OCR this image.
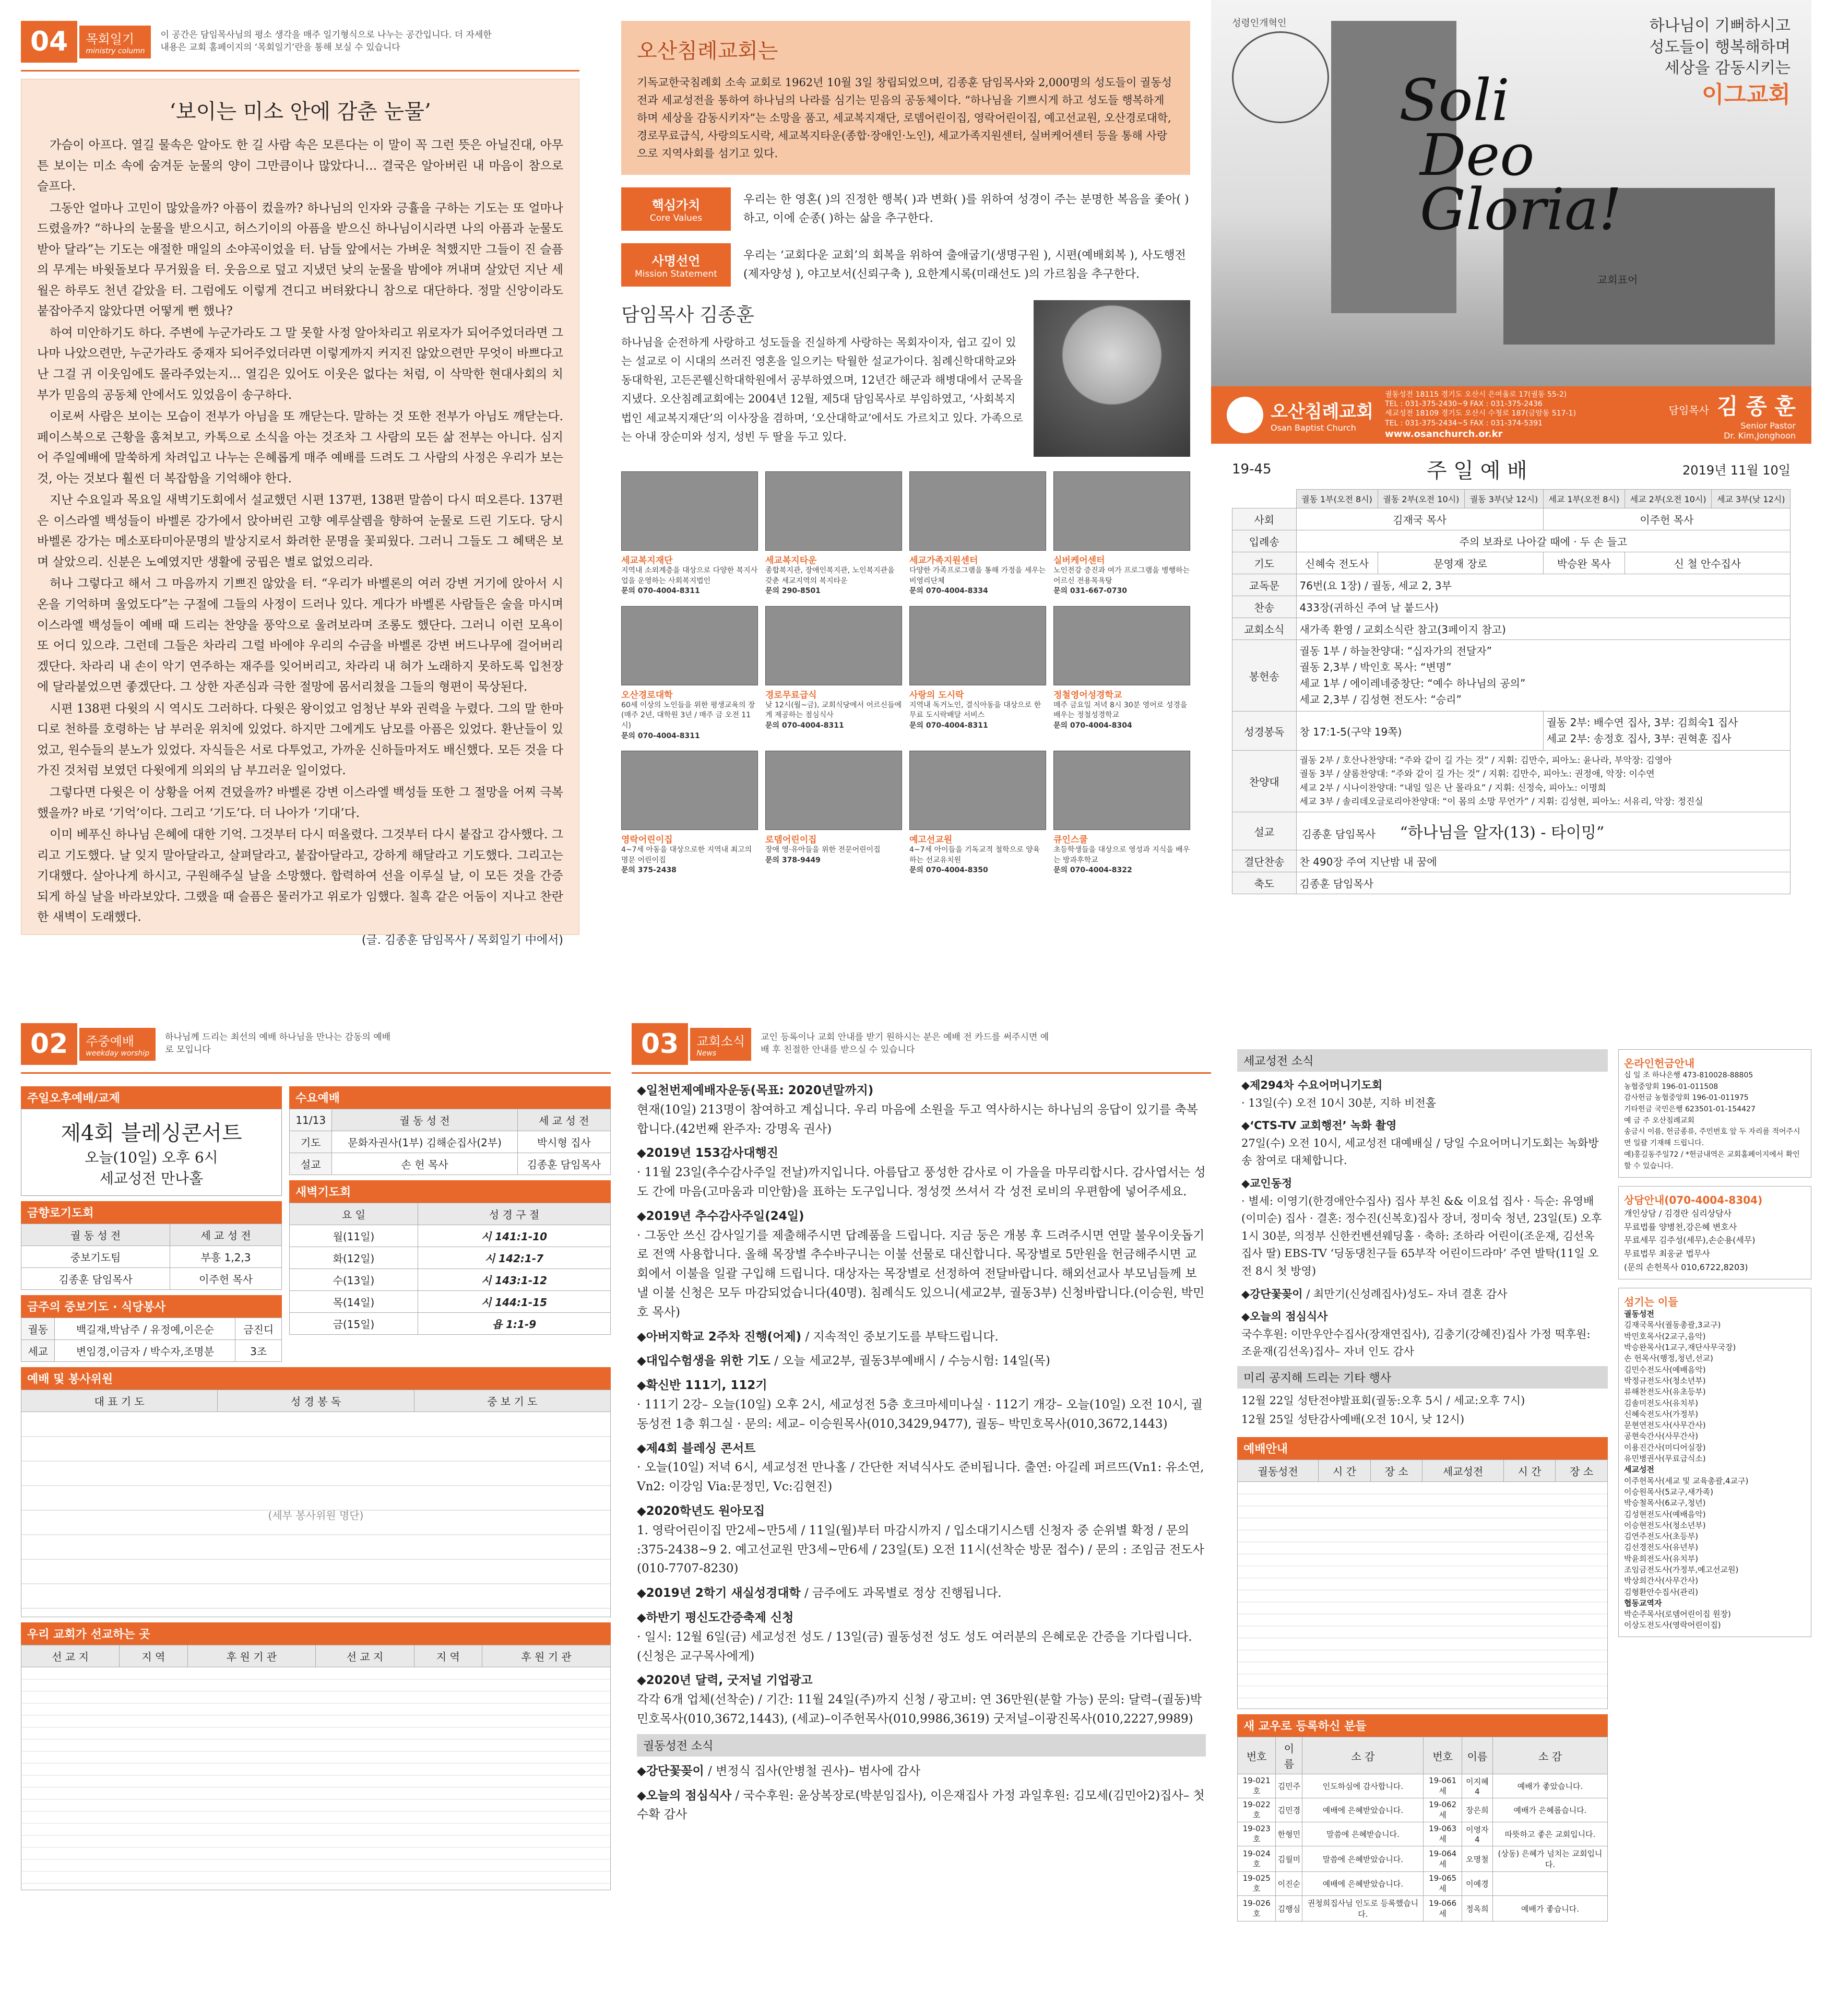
04	목회일기
ministry column
이 공간은 담임목사님의 평소 생각을 매주 일기형식으로 나누는 공간입니다. 더 자세한 내용은 교회 홈페이지의 ‘목회일기’란을 통해 보실 수 있습니다
‘보이는 미소 안에 감춘 눈물’

가슴이 아프다. 열길 물속은 알아도 한 길 사람 속은 모른다는 이 말이 꼭 그런 뜻은 아닐진대, 아무튼 보이는 미소 속에 숨겨둔 눈물의 양이 그만큼이나 많았다니… 결국은 알아버린 내 마음이 참으로 슬프다.

그동안 얼마나 고민이 많았을까? 아픔이 컸을까? 하나님의 인자와 긍휼을 구하는 기도는 또 얼마나 드렸을까? “하나의 눈물을 받으시고, 허스기이의 아픔을 받으신 하나님이시라면 나의 아픔과 눈물도 받아 달라”는 기도는 애절한 매일의 소야곡이었을 터. 남들 앞에서는 가벼운 척했지만 그들이 진 슬픔의 무게는 바윗돌보다 무거웠을 터. 웃음으로 덮고 지냈던 낮의 눈물을 밤에야 꺼내며 살았던 지난 세월은 하루도 천년 같았을 터. 그럼에도 이렇게 견디고 버텨왔다니 참으로 대단하다. 정말 신앙이라도 붙잡아주지 않았다면 어떻게 뻔 했나?

하여 미안하기도 하다. 주변에 누군가라도 그 말 못할 사정 알아차리고 위로자가 되어주었더라면 그나마 나았으련만, 누군가라도 중재자 되어주었더라면 이렇게까지 커지진 않았으련만 무엇이 바쁘다고 난 그걸 귀 이웃임에도 몰라주었는지… 열김은 있어도 이웃은 없다는 처럼, 이 삭막한 현대사회의 치부가 믿음의 공동체 안에서도 있었음이 송구하다.

이로써 사람은 보이는 모습이 전부가 아님을 또 깨닫는다. 말하는 것 또한 전부가 아님도 깨닫는다. 페이스북으로 근황을 훔쳐보고, 카톡으로 소식을 아는 것조차 그 사람의 모든 삶 전부는 아니다. 심지어 주일예배에 말쑥하게 차려입고 나누는 은혜롭게 매주 예배를 드려도 그 사람의 사정은 우리가 보는 것, 아는 것보다 훨씬 더 복잡함을 기억해야 한다.

지난 수요일과 목요일 새벽기도회에서 설교했던 시편 137편, 138편 말씀이 다시 떠오른다. 137편은 이스라엘 백성들이 바벨론 강가에서 앉아버린 고향 예루살렘을 향하여 눈물로 드린 기도다. 당시 바벨론 강가는 메소포타미아문명의 발상지로서 화려한 문명을 꽃피웠다. 그러니 그들도 그 혜택은 보며 살았으리. 신분은 노예였지만 생활에 궁핍은 별로 없었으리라.

허나 그렇다고 해서 그 마음까지 기쁘진 않았을 터. “우리가 바벨론의 여러 강변 거기에 앉아서 시온을 기억하며 울었도다”는 구절에 그들의 사정이 드러나 있다. 게다가 바벨론 사람들은 술을 마시며 이스라엘 백성들이 예배 때 드리는 찬양을 풍악으로 울려보라며 조롱도 했단다. 그러니 이런 모욕이 또 어디 있으랴. 그런데 그들은 차라리 그럴 바에야 우리의 수금을 바벨론 강변 버드나무에 걸어버리겠단다. 차라리 내 손이 악기 연주하는 재주를 잊어버리고, 차라리 내 혀가 노래하지 못하도록 입천장에 달라붙었으면 좋겠단다. 그 상한 자존심과 극한 절망에 몸서리쳤을 그들의 형편이 묵상된다.

시편 138편 다윗의 시 역시도 그러하다. 다윗은 왕이었고 엄청난 부와 권력을 누렸다. 그의 말 한마디로 천하를 호령하는 남 부러운 위치에 있었다. 하지만 그에게도 남모를 아픔은 있었다. 환난들이 있었고, 원수들의 분노가 있었다. 자식들은 서로 다투었고, 가까운 신하들마저도 배신했다. 모든 것을 다 가진 것처럼 보였던 다윗에게 의외의 남 부끄러운 일이었다.

그렇다면 다윗은 이 상황을 어찌 견뎠을까? 바벨론 강변 이스라엘 백성들 또한 그 절망을 어찌 극복했을까? 바로 ‘기억’이다. 그리고 ‘기도’다. 더 나아가 ‘기대’다.

이미 베푸신 하나님 은혜에 대한 기억. 그것부터 다시 떠올렸다. 그것부터 다시 붙잡고 감사했다. 그리고 기도했다. 날 잊지 말아달라고, 살펴달라고, 붙잡아달라고, 강하게 해달라고 기도했다. 그리고는 기대했다. 살아나게 하시고, 구원해주실 날을 소망했다. 합력하여 선을 이루실 날, 이 모든 것을 간증되게 하실 날을 바라보았다. 그랬을 때 슬픔은 물러가고 위로가 임했다. 칠흑 같은 어둠이 지나고 찬란한 새벽이 도래했다.

(글. 김종훈 담임목사 / 목회일기 中에서)
오산침례교회는
기독교한국침례회 소속 교회로 1962년 10월 3일 창립되었으며, 김종훈 담임목사와 2,000명의 성도들이 궐동성전과 세교성전을 통하여 하나님의 나라를 심기는 믿음의 공동체이다. “하나님을 기쁘시게 하고 성도들 행복하게 하며 세상을 감동시키자”는 소망을 품고, 세교복지재단, 로뎀어린이집, 영락어린이집, 예고선교원, 오산경로대학, 경로무료급식, 사랑의도시락, 세교복지타운(종합·장애인·노인), 세교가족지원센터, 실버케어센터 등을 통해 사랑으로 지역사회를 섬기고 있다.
핵심가치
Core Values
우리는 한 영혼( )의 진정한 행복( )과 변화( )를 위하여 성경이 주는 분명한 복음을 좇아( )하고, 이에 순종( )하는 삶을 추구한다.
사명선언
Mission Statement
우리는 ‘교회다운 교회’의 회복을 위하여 출애굽기(생명구원 ), 시편(예배회복 ), 사도행전(제자양성 ), 야고보서(신뢰구축 ), 요한계시록(미래선도 )의 가르침을 추구한다.
담임목사 김종훈
하나님을 순전하게 사랑하고 성도들을 진실하게 사랑하는 목회자이자, 쉽고 깊이 있는 설교로 이 시대의 쓰러진 영혼을 일으키는 탁월한 설교가이다. 침례신학대학교와 동대학원, 고든콘웰신학대학원에서 공부하였으며, 12년간 해군과 해병대에서 군목을 지냈다. 오산침례교회에는 2004년 12월, 제5대 담임목사로 부임하였고, ‘사회복지법인 세교복지재단’의 이사장을 겸하며, ‘오산대학교’에서도 가르치고 있다. 가족으로는 아내 장순미와 성지, 성빈 두 딸을 두고 있다.
세교복지재단
지역내 소외계층을 대상으로 다양한 복지사업을 운영하는 사회복지법인
문의 070-4004-8311
세교복지타운
종합복지관, 장애인복지관, 노인복지관을 갖춘 세교지역의 복지타운
문의 290-8501
세교가족지원센터
다양한 가족프로그램을 통해 가정을 세우는 비영리단체
문의 070-4004-8334
실버케어센터
노인전강 증진과 여가 프로그램을 병행하는 어르신 전용목욕탕
문의 031-667-0730
오산경로대학
60세 이상의 노인들을 위한 평생교육의 장(매주 2년, 대학원 3년 / 매주 금 오전 11시)
문의 070-4004-8311
경로무료급식
낮 12시(월~금), 교회식당에서 어르신들에게 제공하는 점심식사
문의 070-4004-8311
사랑의 도시락
지역내 독거노인, 결식아동을 대상으로 한 무료 도시락배달 서비스
문의 070-4004-8311
정철영어성경학교
매주 금요일 저녁 8시 30분 영어로 성경을 배우는 정철성경학교
문의 070-4004-8304
영락어린이집
4~7세 아동을 대상으로한 지역내 최고의 명문 어린이집
문의 375-2438
로뎀어린이집
장애 영·유아들을 위한 전문어린이집
문의 378-9449
예고선교원
4~7세 아이들을 기독교적 철학으로 양육하는 선교유치원
문의 070-4004-8350
큐인스쿨
초등학생들을 대상으로 영성과 지식을 배우는 방과후학교
문의 070-4004-8322
성령인개혁인	하나님이 기뻐하시고
성도들이 행복해하며
세상을 감동시키는
이그교회
Soli
Deo
Gloria!
교회표어
오산침례교회
Osan Baptist Church
궐동성전 18115 경기도 오산시 은여울로 17(궐동 55-2)
TEL : 031-375-2430~9 FAX : 031-375-2436
세교성전 18109 경기도 오산시 수청로 187(금암동 517-1)
TEL : 031-375-2434~5 FAX : 031-374-5391
www.osanchurch.or.kr
담임목사 김 종 훈
Senior Pastor
Dr. Kim,Jonghoon
19-45	주 일 예 배	2019년 11월 10일
	궐동 1부(오전 8시)	궐동 2부(오전 10시)	궐동 3부(낮 12시)	세교 1부(오전 8시)	세교 2부(오전 10시)	세교 3부(낮 12시)
사회	김재국 목사			이주헌 목사		
입례송	주의 보좌로 나아갈 때에 · 두 손 들고					
기도	신혜숙 전도사	문영재 장로		박승완 목사	신 철 안수집사	
교독문	76번(요 1장) / 궐동, 세교 2, 3부					
찬송	433장(귀하신 주여 날 붙드사)					
교회소식	새가족 환영 / 교회소식란 참고(3페이지 참고)					
봉헌송	궐동 1부 / 하늘찬양대: “십자가의 전달자”
궐동 2,3부 / 박인호 목사: “변명”
세교 1부 / 에이레네중창단: “예수 하나님의 공의”
세교 2,3부 / 김성현 전도사: “승리”					

성경봉독	창 17:1-5(구약 19쪽)			궐동 2부: 배수연 집사, 3부: 김희숙1 집사
세교 2부: 송정호 집사, 3부: 권혁훈 집사		

찬양대	궐동 2부 / 호산나찬양대: “주와 같이 길 가는 것” / 지휘: 김만수, 피아노: 윤나라, 부악장: 김영아
궐동 3부 / 샬롬찬양대: “주와 같이 길 가는 것” / 지휘: 김만수, 피아노: 권정애, 악장: 이수연
세교 2부 / 시나이찬양대: “내일 일은 난 몰라요” / 지휘: 신정숙, 피아노: 이명희
세교 3부 / 솔리데오글로리아찬양대: “이 몸의 소망 무언가” / 지휘: 김성현, 피아노: 서유리, 악장: 정진실					

설교	김종훈 담임목사 “하나님을 알자(13) - 타이밍”					
결단찬송	찬 490장 주여 지난밤 내 꿈에					
축도	김종훈 담임목사					
02	주중예배
weekday worship
하나님께 드리는 최선의 예배 하나님을 만나는 감동의 예배로 모입니다
주일오후예배/교제
제4회 블레싱콘서트
오늘(10일) 오후 6시
세교성전 만나홀
금향로기도회
궐 동 성 전	세 교 성 전
중보기도팀	부흥 1,2,3
김종훈 담임목사	이주헌 목사
금주의 중보기도 · 식당봉사
궐동	백길재,박남주 / 유정예,이은순	금진디
세교	변임경,이금자 / 박수자,조명분	3조
수요예배
11/13	궐 동 성 전	세 교 성 전
기도	문화자권사(1부) 김해순집사(2부)	박시형 집사
설교	손 헌 목사	김종훈 담임목사
새벽기도회
요 일	성 경 구 절
월(11일)	시 141:1-10
화(12일)	시 142:1-7
수(13일)	시 143:1-12
목(14일)	시 144:1-15
금(15일)	욥 1:1-9
예배 및 봉사위원
대 표 기 도	성 경 봉 독	중 보 기 도
(세부 봉사위원 명단)
우리 교회가 선교하는 곳
선 교 지	지 역	후 원 기 관	선 교 지	지 역	후 원 기 관

03	교회소식
News
교인 등록이나 교회 안내를 받기 원하시는 분은 예배 전 카드를 써주시면 예배 후 친절한 안내를 받으실 수 있습니다
◆일천번제예배자운동(목표: 2020년말까지)
현재(10일) 213명이 참여하고 계십니다. 우리 마음에 소원을 두고 역사하시는 하나님의 응답이 있기를 축복합니다.(42번째 완주자: 강명옥 권사)
◆2019년 153감사대행진
· 11월 23일(추수감사주일 전날)까지입니다. 아름답고 풍성한 감사로 이 가을을 마무리합시다. 감사엽서는 성도 간에 마음(고마움과 미안함)을 표하는 도구입니다. 정성껏 쓰셔서 각 성전 로비의 우편함에 넣어주세요.
◆2019년 추수감사주일(24일)
· 그동안 쓰신 감사일기를 제출해주시면 답례품을 드립니다. 지금 둥은 개봉 후 드려주시면 연말 불우이웃돕기로 전액 사용합니다. 올해 목장별 추수바구니는 이불 선물로 대신합니다. 목장별로 5만원을 헌금해주시면 교회에서 이불을 일괄 구입해 드립니다. 대상자는 목장별로 선정하여 전달바랍니다. 해외선교사 부모님들께 보낼 이불 신청은 모두 마감되었습니다(40명). 침례식도 있으니(세교2부, 궐동3부) 신청바랍니다.(이승원, 박민호 목사)
◆아버지학교 2주차 진행(어제) / 지속적인 중보기도를 부탁드립니다.
◆대입수험생을 위한 기도 / 오늘 세교2부, 궐동3부예배시 / 수능시험: 14일(목)
◆확신반 111기, 112기
· 111기 2강– 오늘(10일) 오후 2시, 세교성전 5층 호크마세미나실 · 112기 개강– 오늘(10일) 오전 10시, 궐동성전 1층 휘그실 · 문의: 세교– 이승원목사(010,3429,9477), 궐동– 박민호목사(010,3672,1443)
◆제4회 블레싱 콘서트
· 오늘(10일) 저녁 6시, 세교성전 만나홀 / 간단한 저녁식사도 준비됩니다. 출연: 아길레 퍼르뜨(Vn1: 유소연, Vn2: 이강임 Via:문정민, Vc:김현진)
◆2020학년도 원아모집
1. 영락어린이집 만2세~만5세 / 11일(월)부터 마감시까지 / 입소대기시스템 신청자 중 순위별 확정 / 문의 :375-2438~9 2. 예고선교원 만3세~만6세 / 23일(토) 오전 11시(선착순 방문 접수) / 문의 : 조임금 전도사(010-7707-8230)
◆2019년 2학기 새실성경대학 / 금주에도 과목별로 정상 진행됩니다.
◆하반기 평신도간증축제 신청
· 일시: 12월 6일(금) 세교성전 성도 / 13일(금) 궐동성전 성도 성도 여러분의 은혜로운 간증을 기다립니다.(신청은 교구목사에게)
◆2020년 달력, 굿저널 기업광고
각각 6개 업체(선착순) / 기간: 11월 24일(주)까지 신청 / 광고비: 연 36만원(분할 가능) 문의: 달력–(궐동)박민호목사(010,3672,1443), (세교)–이주헌목사(010,9986,3619) 굿저널–이광진목사(010,2227,9989)
궐동성전 소식
◆강단꽃꽂이 / 변정식 집사(안병철 권사)– 범사에 감사
◆오늘의 점심식사 / 국수후원: 윤상복장로(박분임집사), 이은재집사 가정 과일후원: 김모세(김민아2)집사– 첫 수확 감사
세교성전 소식
◆제294차 수요어머니기도회
· 13일(수) 오전 10시 30분, 지하 비전홀
◆‘CTS-TV 교회행전’ 녹화 촬영
27일(수) 오전 10시, 세교성전 대예배실 / 당일 수요어머니기도회는 녹화방송 참여로 대체합니다.
◆교인동정
· 별세: 이영기(한경애안수집사) 집사 부친 && 이요섭 집사 · 득순: 유영배(이미순) 집사 · 결혼: 정수진(신복호)집사 장녀, 정미숙 청년, 23일(토) 오후 1시 30분, 의정부 신한컨벤션웨딩홀 · 축하: 조하라 어린이(조운재, 김선옥 집사 딸) EBS-TV ‘딩동댕친구들 65부작 어린이드라마’ 주연 발탁(11일 오전 8시 첫 방영)
◆강단꽃꽂이 / 최만기(신성례집사)성도– 자녀 결혼 감사
◆오늘의 점심식사
국수후원: 이만우안수집사(장재연집사), 김충기(강혜진)집사 가정 떡후원: 조윤재(김선옥)집사– 자녀 인도 감사
미리 공지해 드리는 기타 행사
12월 22일 성탄전야발표회(궐동:오후 5시 / 세교:오후 7시)
12월 25일 성탄감사예배(오전 10시, 낮 12시)
예배안내
궐동성전	시 간	장 소	세교성전	시 간	장 소

새 교우로 등록하신 분들
번호	이름	소 감	번호	이름	소 감
19-021호	김민주	인도하심에 감사합니다.	19-061세	이지혜4	예배가 좋았습니다.
19-022호	김민경	예배에 은혜받았습니다.	19-062세	장은희	예배가 은혜롭습니다.
19-023호	한형민	말씀에 은혜받습니다.	19-063세	이영자4	따뜻하고 좋은 교회입니다.
19-024호	김월미	말씀에 은혜받았습니다.	19-064세	오명철	(상동) 은혜가 넘치는 교회입니다.
19-025호	이진순	예배에 은혜받았습니다.	19-065세	이예경	
19-026호	김행심	권청희집사님 인도로 등록했습니다.	19-066세	정옥희	예배가 좋습니다.
온라인헌금안내
십 일 조 하나은행 473-810028-88805
농협중앙회 196-01-011508
감사헌금 농협중앙회 196-01-011975
기타헌금 국민은행 623501-01-154427
예 금 주 오산침례교회
송금시 이름, 헌금종류, 주민번호 앞 두 자리를 적어주시면 일괄 기재해 드립니다.
예)홍길동주일72 / *헌금내역은 교회홈페이지에서 확인할 수 있습니다.
상담안내(070-4004-8304)
개인상담 / 김경란 심리상담사
무료법률 양병천,강은혜 변호사
무료세무 김주성(세무),손순용(세무)
무료법무 최웅균 법무사
(문의 손헌목사 010,6722,8203)
섬기는 이들
궐동성전
김재국목사(궐동총괄,3교구)
박민호목사(2교구,음악)
박승완목사(1교구,재단사무국장)
손 헌목사(행정,청년,선교)
김민수전도사(예배음악)
박정규전도사(청소년부)
류해찬전도사(유초등부)
김솔미전도사(유치부)
신혜숙전도사(가정부)
문현연전도사(사무간사)
공현숙간사(사무간사)
이용진간사(미디어실장)
유민병권사(무료급식소)
세교성전
이주헌목사(세교 및 교육총괄,4교구)
이승원목사(5교구,새가족)
박승철목사(6교구,청년)
김성현전도사(예배음악)
이승현전도사(청소년부)
김연주전도사(초등부)
김선경전도사(유년부)
박윤희전도사(유치부)
조임금전도사(가정부,예고선교원)
박상희간사(사무간사)
김형환안수집사(관리)
협동교역자
박순주목사(로뎀어린이집 원장)
이상도전도사(영락어린이집)
